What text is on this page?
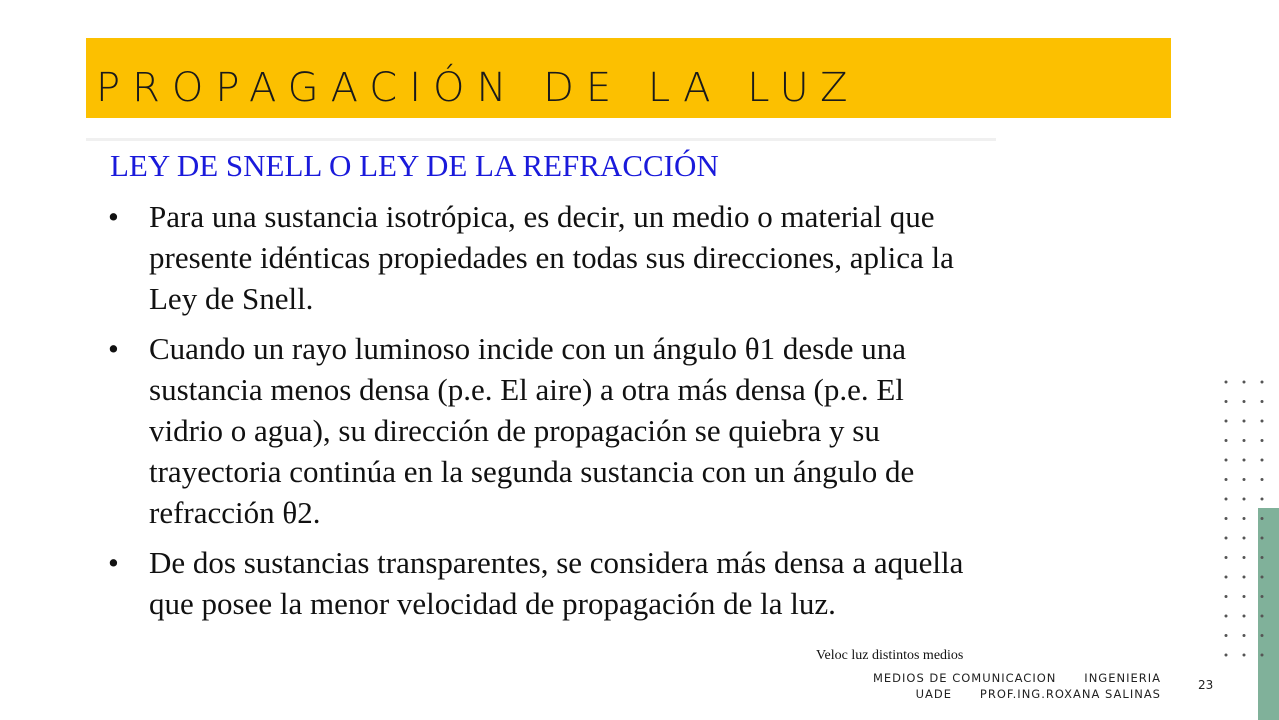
PROPAGACIÓN DE LA LUZ
LEY DE SNELL O LEY DE LA REFRACCIÓN
• Para una sustancia isotrópica, es decir, un medio o material que presente idénticas propiedades en todas sus direcciones, aplica la Ley de Snell.
• Cuando un rayo luminoso incide con un ángulo θ1 desde una sustancia menos densa (p.e. El aire) a otra más densa (p.e. El vidrio o agua), su dirección de propagación se quiebra y su trayectoria continúa en la segunda sustancia con un ángulo de refracción θ2.
• De dos sustancias transparentes, se considera más densa a aquella que posee la menor velocidad de propagación de la luz.
Veloc luz distintos medios
MEDIOS DE COMUNICACION      INGENIERIA
UADE      PROF.ING.ROXANA SALINAS
23
